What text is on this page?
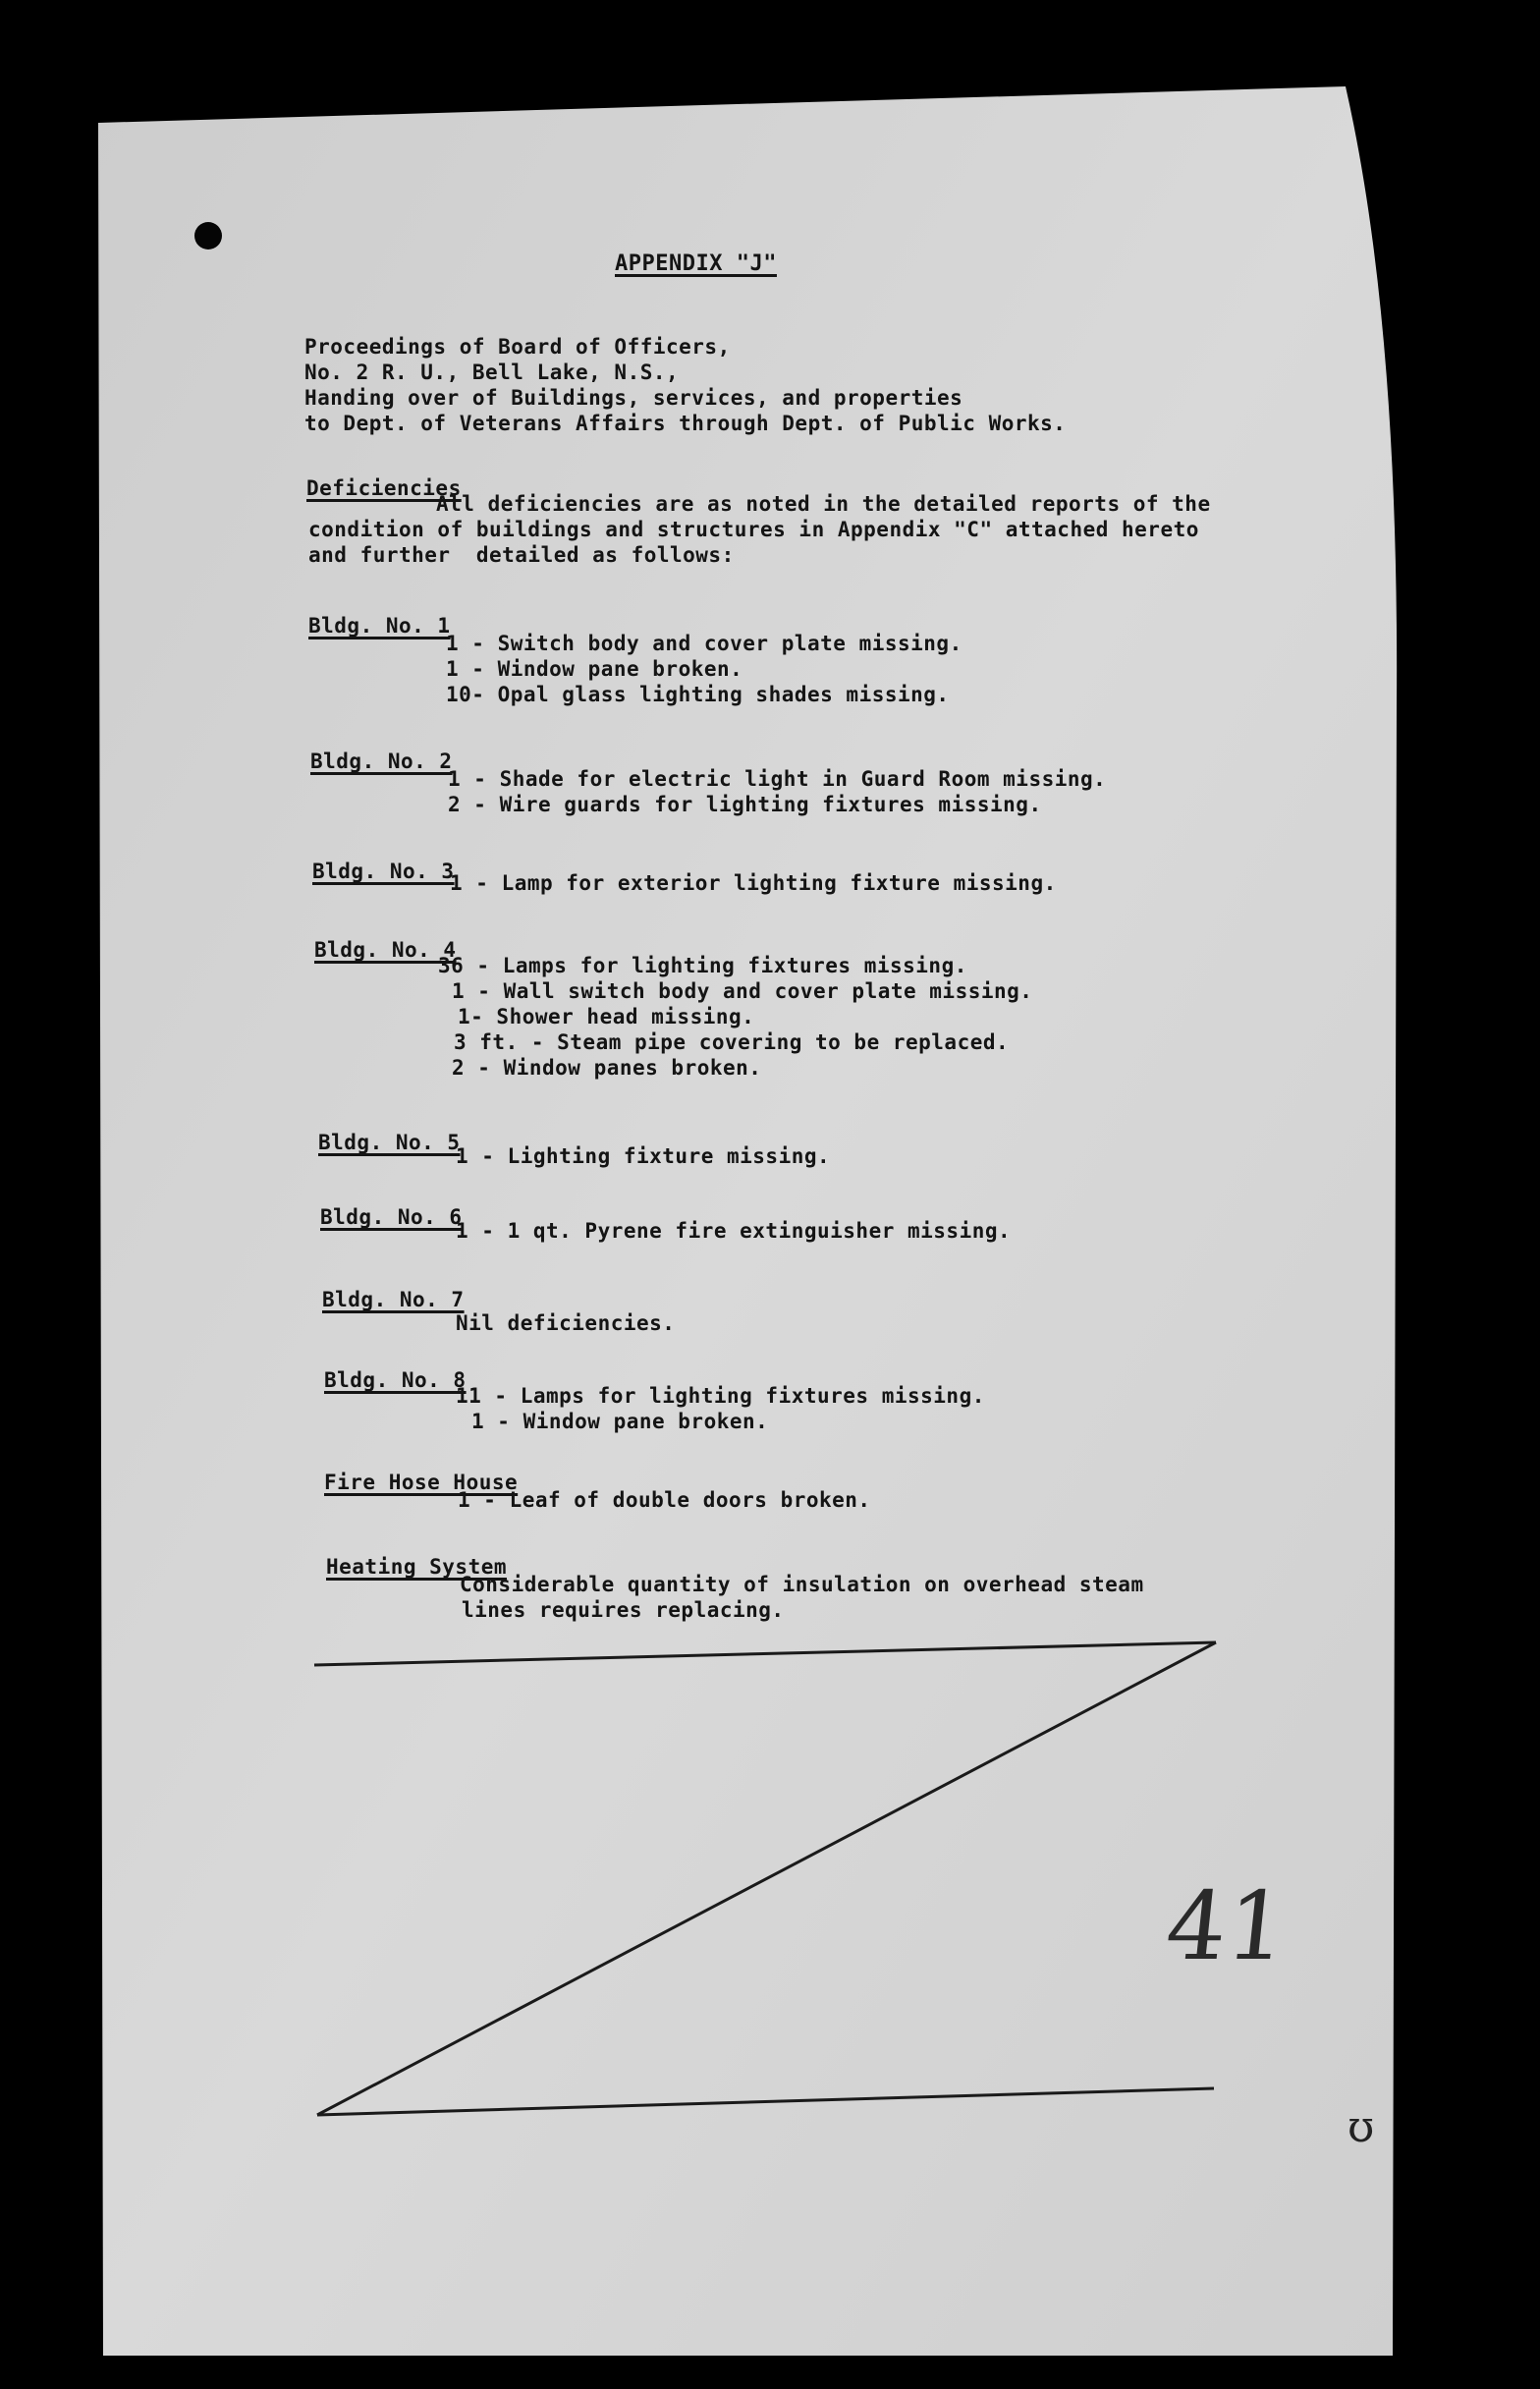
APPENDIX "J"
Proceedings of Board of Officers,
No. 2 R. U., Bell Lake, N.S.,
Handing over of Buildings, services, and properties
to Dept. of Veterans Affairs through Dept. of Public Works.
Deficiencies
All deficiencies are as noted in the detailed reports of the
condition of buildings and structures in Appendix "C" attached hereto
and further  detailed as follows:
Bldg. No. 1
1 - Switch body and cover plate missing.
1 - Window pane broken.
10- Opal glass lighting shades missing.
Bldg. No. 2
1 - Shade for electric light in Guard Room missing.
2 - Wire guards for lighting fixtures missing.
Bldg. No. 3
1 - Lamp for exterior lighting fixture missing.
Bldg. No. 4
36 - Lamps for lighting fixtures missing.
1 - Wall switch body and cover plate missing.
1- Shower head missing.
3 ft. - Steam pipe covering to be replaced.
2 - Window panes broken.
Bldg. No. 5
1 - Lighting fixture missing.
Bldg. No. 6
1 - 1 qt. Pyrene fire extinguisher missing.
Bldg. No. 7
Nil deficiencies.
Bldg. No. 8
11 - Lamps for lighting fixtures missing.
1 - Window pane broken.
Fire Hose House
1 - Leaf of double doors broken.
Heating System
Considerable quantity of insulation on overhead steam
lines requires replacing.
41
ʊ
